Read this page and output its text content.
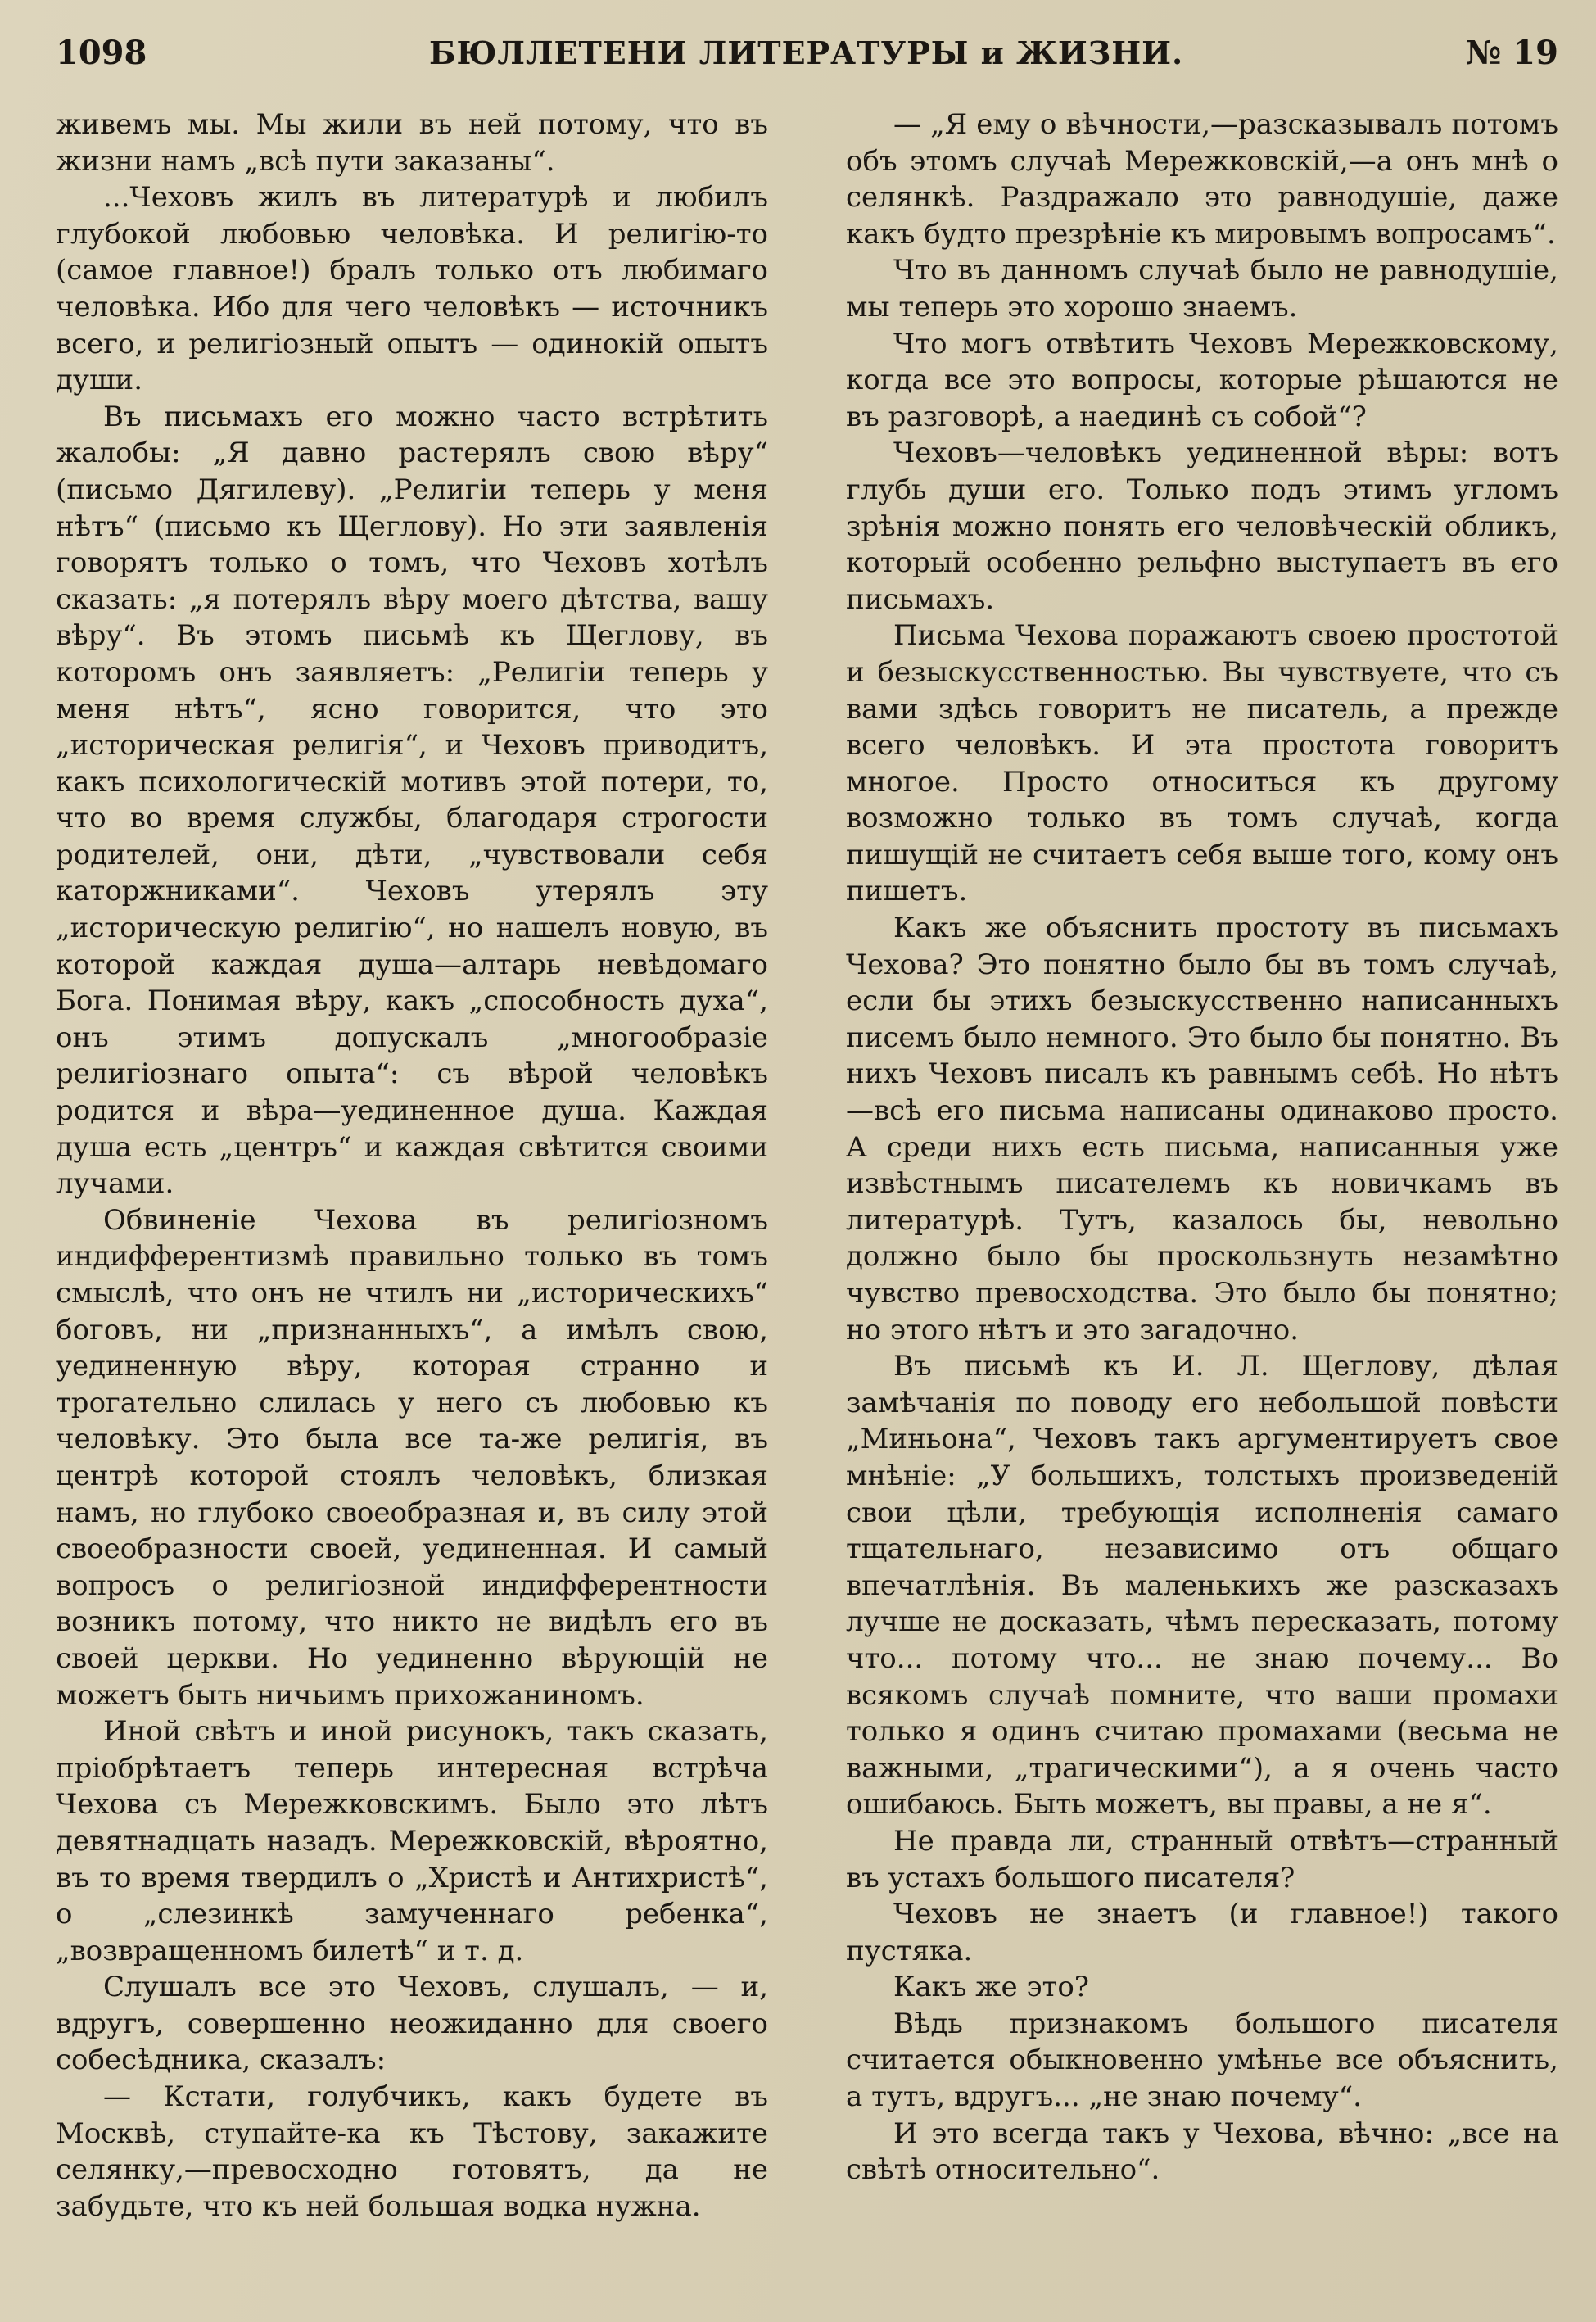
1098	БЮЛЛЕТЕНИ ЛИТЕРАТУРЫ и ЖИЗНИ.	№ 19

живемъ мы. Мы жили въ ней потому, что въ жизни намъ „всѣ пути заказаны“.

...Чеховъ жилъ въ литературѣ и любилъ глубокой любовью человѣка. И религію-то (самое главное!) бралъ только отъ любимаго человѣка. Ибо для чего человѣкъ — источникъ всего, и религіозный опытъ — одинокій опытъ души.

Въ письмахъ его можно часто встрѣтить жалобы: „Я давно растерялъ свою вѣру“ (письмо Дягилеву). „Религіи теперь у меня нѣтъ“ (письмо къ Щеглову). Но эти заявленія говорятъ только о томъ, что Чеховъ хотѣлъ сказать: „я потерялъ вѣру моего дѣтства, вашу вѣру“. Въ этомъ письмѣ къ Щеглову, въ которомъ онъ заявляетъ: „Религіи теперь у меня нѣтъ“, ясно говорится, что это „историческая религія“, и Чеховъ приводитъ, какъ психологическій мотивъ этой потери, то, что во время службы, благодаря строгости родителей, они, дѣти, „чувствовали себя каторжниками“. Чеховъ утерялъ эту „историческую религію“, но нашелъ новую, въ которой каждая душа—алтарь невѣдомаго Бога. Понимая вѣру, какъ „способность духа“, онъ этимъ допускалъ „многообразіе религіознаго опыта“: съ вѣрой человѣкъ родится и вѣра—уединенное душа. Каждая душа есть „центръ“ и каждая свѣтится своими лучами.

Обвиненіе Чехова въ религіозномъ индифферентизмѣ правильно только въ томъ смыслѣ, что онъ не чтилъ ни „историческихъ“ боговъ, ни „признанныхъ“, а имѣлъ свою, уединенную вѣру, которая странно и трогательно слилась у него съ любовью къ человѣку. Это была все та-же религія, въ центрѣ которой стоялъ человѣкъ, близкая намъ, но глубоко своеобразная и, въ силу этой своеобразности своей, уединенная. И самый вопросъ о религіозной индифферентности возникъ потому, что никто не видѣлъ его въ своей церкви. Но уединенно вѣрующій не можетъ быть ничьимъ прихожаниномъ.

Иной свѣтъ и иной рисунокъ, такъ сказать, пріобрѣтаетъ теперь интересная встрѣча Чехова съ Мережковскимъ. Было это лѣтъ девятнадцать назадъ. Мережковскій, вѣроятно, въ то время твердилъ о „Христѣ и Антихристѣ“, о „слезинкѣ замученнаго ребенка“, „возвращенномъ билетѣ“ и т. д.

Слушалъ все это Чеховъ, слушалъ, — и, вдругъ, совершенно неожиданно для своего собесѣдника, сказалъ:

— Кстати, голубчикъ, какъ будете въ Москвѣ, ступайте-ка къ Тѣстову, закажите селянку,—превосходно готовятъ, да не забудьте, что къ ней большая водка нужна.

— „Я ему о вѣчности,—разсказывалъ потомъ объ этомъ случаѣ Мережковскій,—а онъ мнѣ о селянкѣ. Раздражало это равнодушіе, даже какъ будто презрѣніе къ мировымъ вопросамъ“.

Что въ данномъ случаѣ было не равнодушіе, мы теперь это хорошо знаемъ.

Что могъ отвѣтить Чеховъ Мережковскому, когда все это вопросы, которые рѣшаются не въ разговорѣ, а наединѣ съ собой“?

Чеховъ—человѣкъ уединенной вѣры: вотъ глубь души его. Только подъ этимъ угломъ зрѣнія можно понять его человѣческій обликъ, который особенно рельфно выступаетъ въ его письмахъ.

Письма Чехова поражаютъ своею простотой и безыскусственностью. Вы чувствуете, что съ вами здѣсь говоритъ не писатель, а прежде всего человѣкъ. И эта простота говоритъ многое. Просто относиться къ другому возможно только въ томъ случаѣ, когда пишущій не считаетъ себя выше того, кому онъ пишетъ.

Какъ же объяснить простоту въ письмахъ Чехова? Это понятно было бы въ томъ случаѣ, если бы этихъ безыскусственно написанныхъ писемъ было немного. Это было бы понятно. Въ нихъ Чеховъ писалъ къ равнымъ себѣ. Но нѣтъ—всѣ его письма написаны одинаково просто. А среди нихъ есть письма, написанныя уже извѣстнымъ писателемъ къ новичкамъ въ литературѣ. Тутъ, казалось бы, невольно должно было бы проскользнуть незамѣтно чувство превосходства. Это было бы понятно; но этого нѣтъ и это загадочно.

Въ письмѣ къ И. Л. Щеглову, дѣлая замѣчанія по поводу его небольшой повѣсти „Миньона“, Чеховъ такъ аргументируетъ свое мнѣніе: „У большихъ, толстыхъ произведеній свои цѣли, требующія исполненія самаго тщательнаго, независимо отъ общаго впечатлѣнія. Въ маленькихъ же разсказахъ лучше не досказать, чѣмъ пересказать, потому что... потому что... не знаю почему... Во всякомъ случаѣ помните, что ваши промахи только я одинъ считаю промахами (весьма не важными, „трагическими“), а я очень часто ошибаюсь. Быть можетъ, вы правы, а не я“.

Не правда ли, странный отвѣтъ—странный въ устахъ большого писателя?

Чеховъ не знаетъ (и главное!) такого пустяка.

Какъ же это?

Вѣдь признакомъ большого писателя считается обыкновенно умѣнье все объяснить, а тутъ, вдругъ... „не знаю почему“.

И это всегда такъ у Чехова, вѣчно: „все на свѣтѣ относительно“.
